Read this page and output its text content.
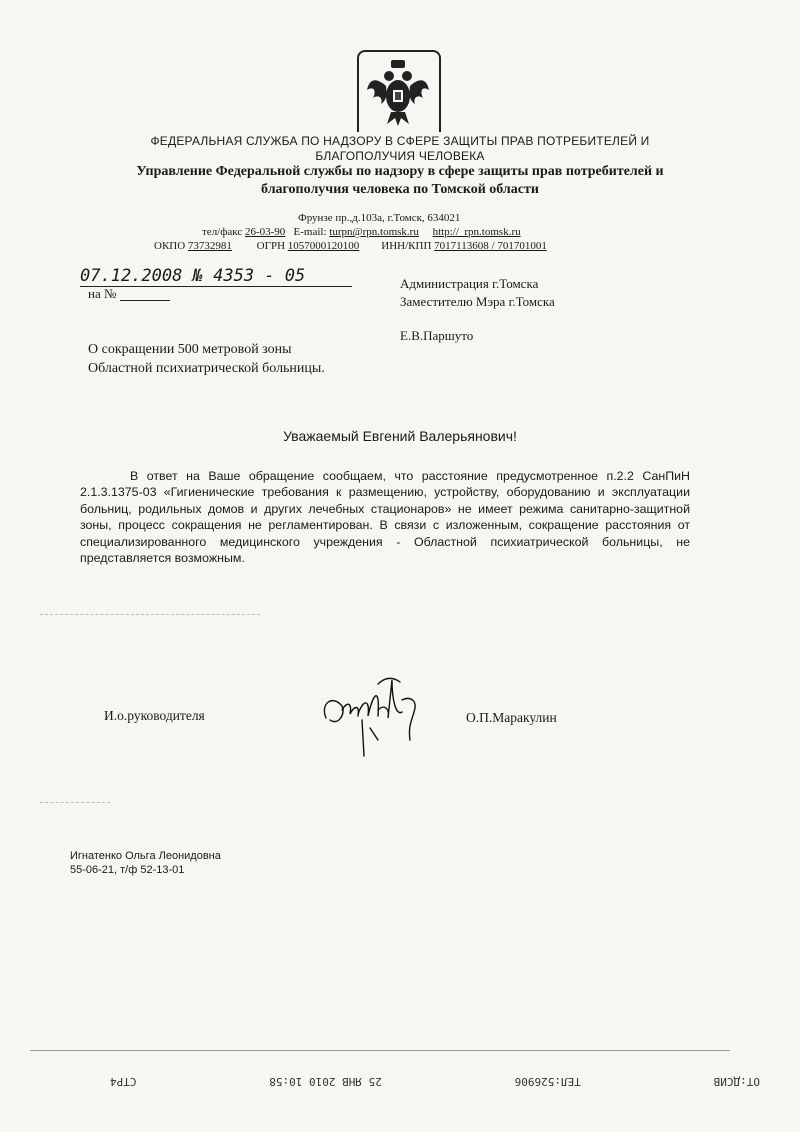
ФЕДЕРАЛЬНАЯ СЛУЖБА ПО НАДЗОРУ В СФЕРЕ ЗАЩИТЫ ПРАВ ПОТРЕБИТЕЛЕЙ И
БЛАГОПОЛУЧИЯ ЧЕЛОВЕКА
Управление Федеральной службы по надзору в сфере защиты прав потребителей и
благополучия человека по Томской области
Фрунзе пр.,д.103а, г.Томск, 634021
тел/факс 26-03-90 E-mail: turpn@rpn.tomsk.ru http://_rpn.tomsk.ru
ОКПО 73732981 ОГРН 1057000120100 ИНН/КПП 7017113608 / 701701001
07.12.2008 № 4353 - 05
на №
Администрация г.Томска
Заместителю Мэра г.Томска
Е.В.Паршуто
О сокращении 500 метровой зоны
Областной психиатрической больницы.
Уважаемый Евгений Валерьянович!
В ответ на Ваше обращение сообщаем, что расстояние предусмотренное п.2.2 СанПиН 2.1.3.1375-03 «Гигиенические требования к размещению, устройству, оборудованию и эксплуатации больниц, родильных домов и других лечебных стационаров» не имеет режима санитарно-защитной зоны, процесс сокращения не регламентирован. В связи с изложенным, сокращение расстояния от специализированного медицинского учреждения - Областной психиатрической больницы, не представляется возможным.
И.о.руководителя	О.П.Маракулин
Игнатенко Ольга Леонидовна
55-06-21, т/ф 52-13-01
ОТ:ДСИВ
ТЕЛ:526906
25 ЯНВ 2010 10:58
СТР4
